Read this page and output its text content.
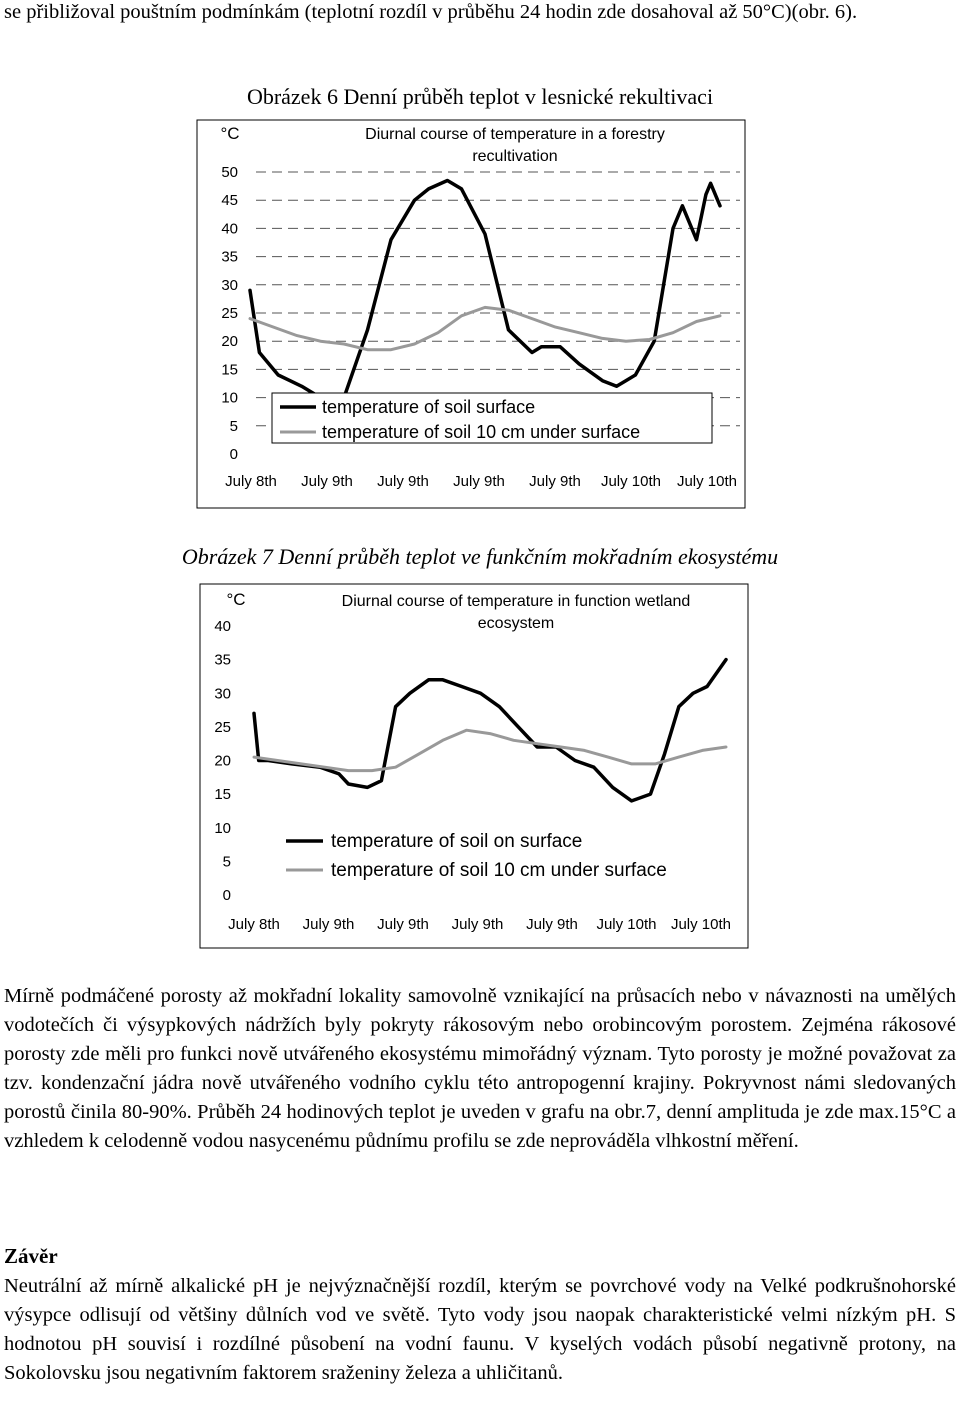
se přibližoval pouštním podmínkám (teplotní rozdíl v průběhu 24 hodin zde dosahoval až 50°C)(obr. 6).

Obrázek 6 Denní průběh teplot v lesnické rekultivaci
°C	Diurnal course of temperature in a forestry
recultivation
50
45
40
35
30
25
20
15
10
5
0
July 8th July 9th July 9th July 9th July 9th July 10th July 10th
temperature of soil surface
temperature of soil 10 cm under surface
Obrázek 7 Denní průběh teplot ve funkčním mokřadním ekosystému
°C	Diurnal course of temperature in function wetland
ecosystem
40
35
30
25
20
15
10
5
0
July 8th July 9th July 9th July 9th July 9th July 10th July 10th
temperature of soil on surface
temperature of soil 10 cm under surface

Mírně podmáčené porosty až mokřadní lokality samovolně vznikající na průsacích nebo v návaznosti na umělých vodotečích či výsypkových nádržích byly pokryty rákosovým nebo orobincovým porostem. Zejména rákosové porosty zde měli pro funkci nově utvářeného ekosystému mimořádný význam. Tyto porosty je možné považovat za tzv. kondenzační jádra nově utvářeného vodního cyklu této antropogenní krajiny. Pokryvnost námi sledovaných porostů činila 80-90%. Průběh 24 hodinových teplot je uveden v grafu na obr.7, denní amplituda je zde max.15°C a vzhledem k celodenně vodou nasycenému půdnímu profilu se zde neprováděla vlhkostní měření.

Závěr

Neutrální až mírně alkalické pH je nejvýznačnější rozdíl, kterým se povrchové vody na Velké podkrušnohorské výsypce odlisují od většiny důlních vod ve světě. Tyto vody jsou naopak charakteristické velmi nízkým pH. S hodnotou pH souvisí i rozdílné působení na vodní faunu. V kyselých vodách působí negativně protony, na Sokolovsku jsou negativním faktorem sraženiny železa a uhličitanů.
